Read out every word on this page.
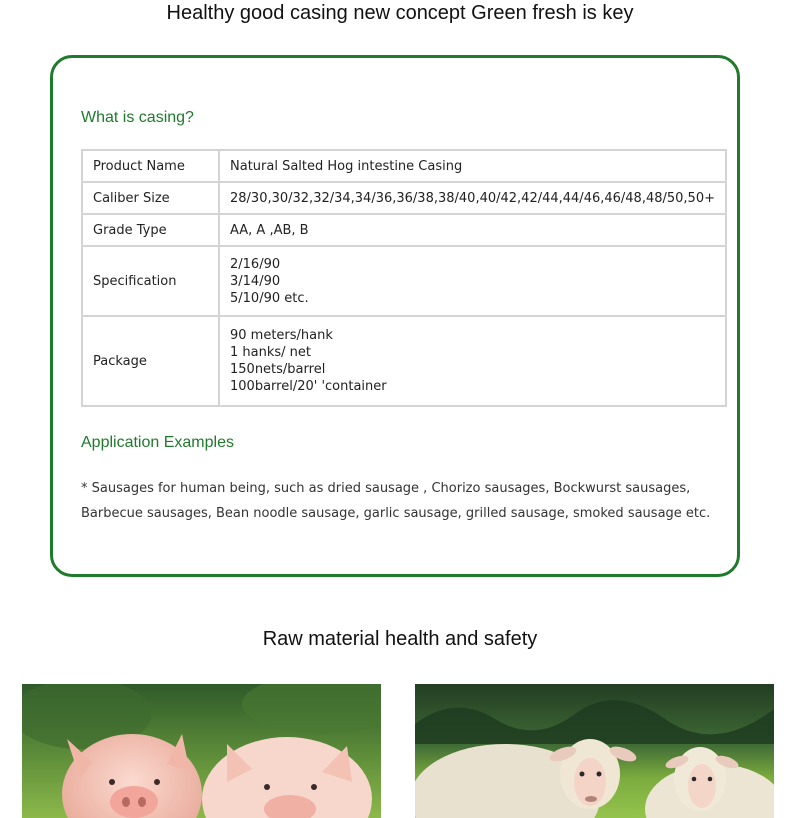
Healthy good casing new concept Green fresh is key
What is casing?
Product Name	Natural Salted Hog intestine Casing

Caliber Size	28/30,30/32,32/34,34/36,36/38,38/40,40/42,42/44,44/46,46/48,48/50,50+

Grade Type	AA, A ,AB, B

Specification	2/16/90
3/14/90
5/10/90 etc.

Package	90 meters/hank
1 hanks/ net
150nets/barrel
100barrel/20' 'container
Application Examples

* Sausages for human being, such as dried sausage , Chorizo sausages, Bockwurst sausages, Barbecue sausages, Bean noodle sausage, garlic sausage, grilled sausage, smoked sausage etc.

Raw material health and safety
